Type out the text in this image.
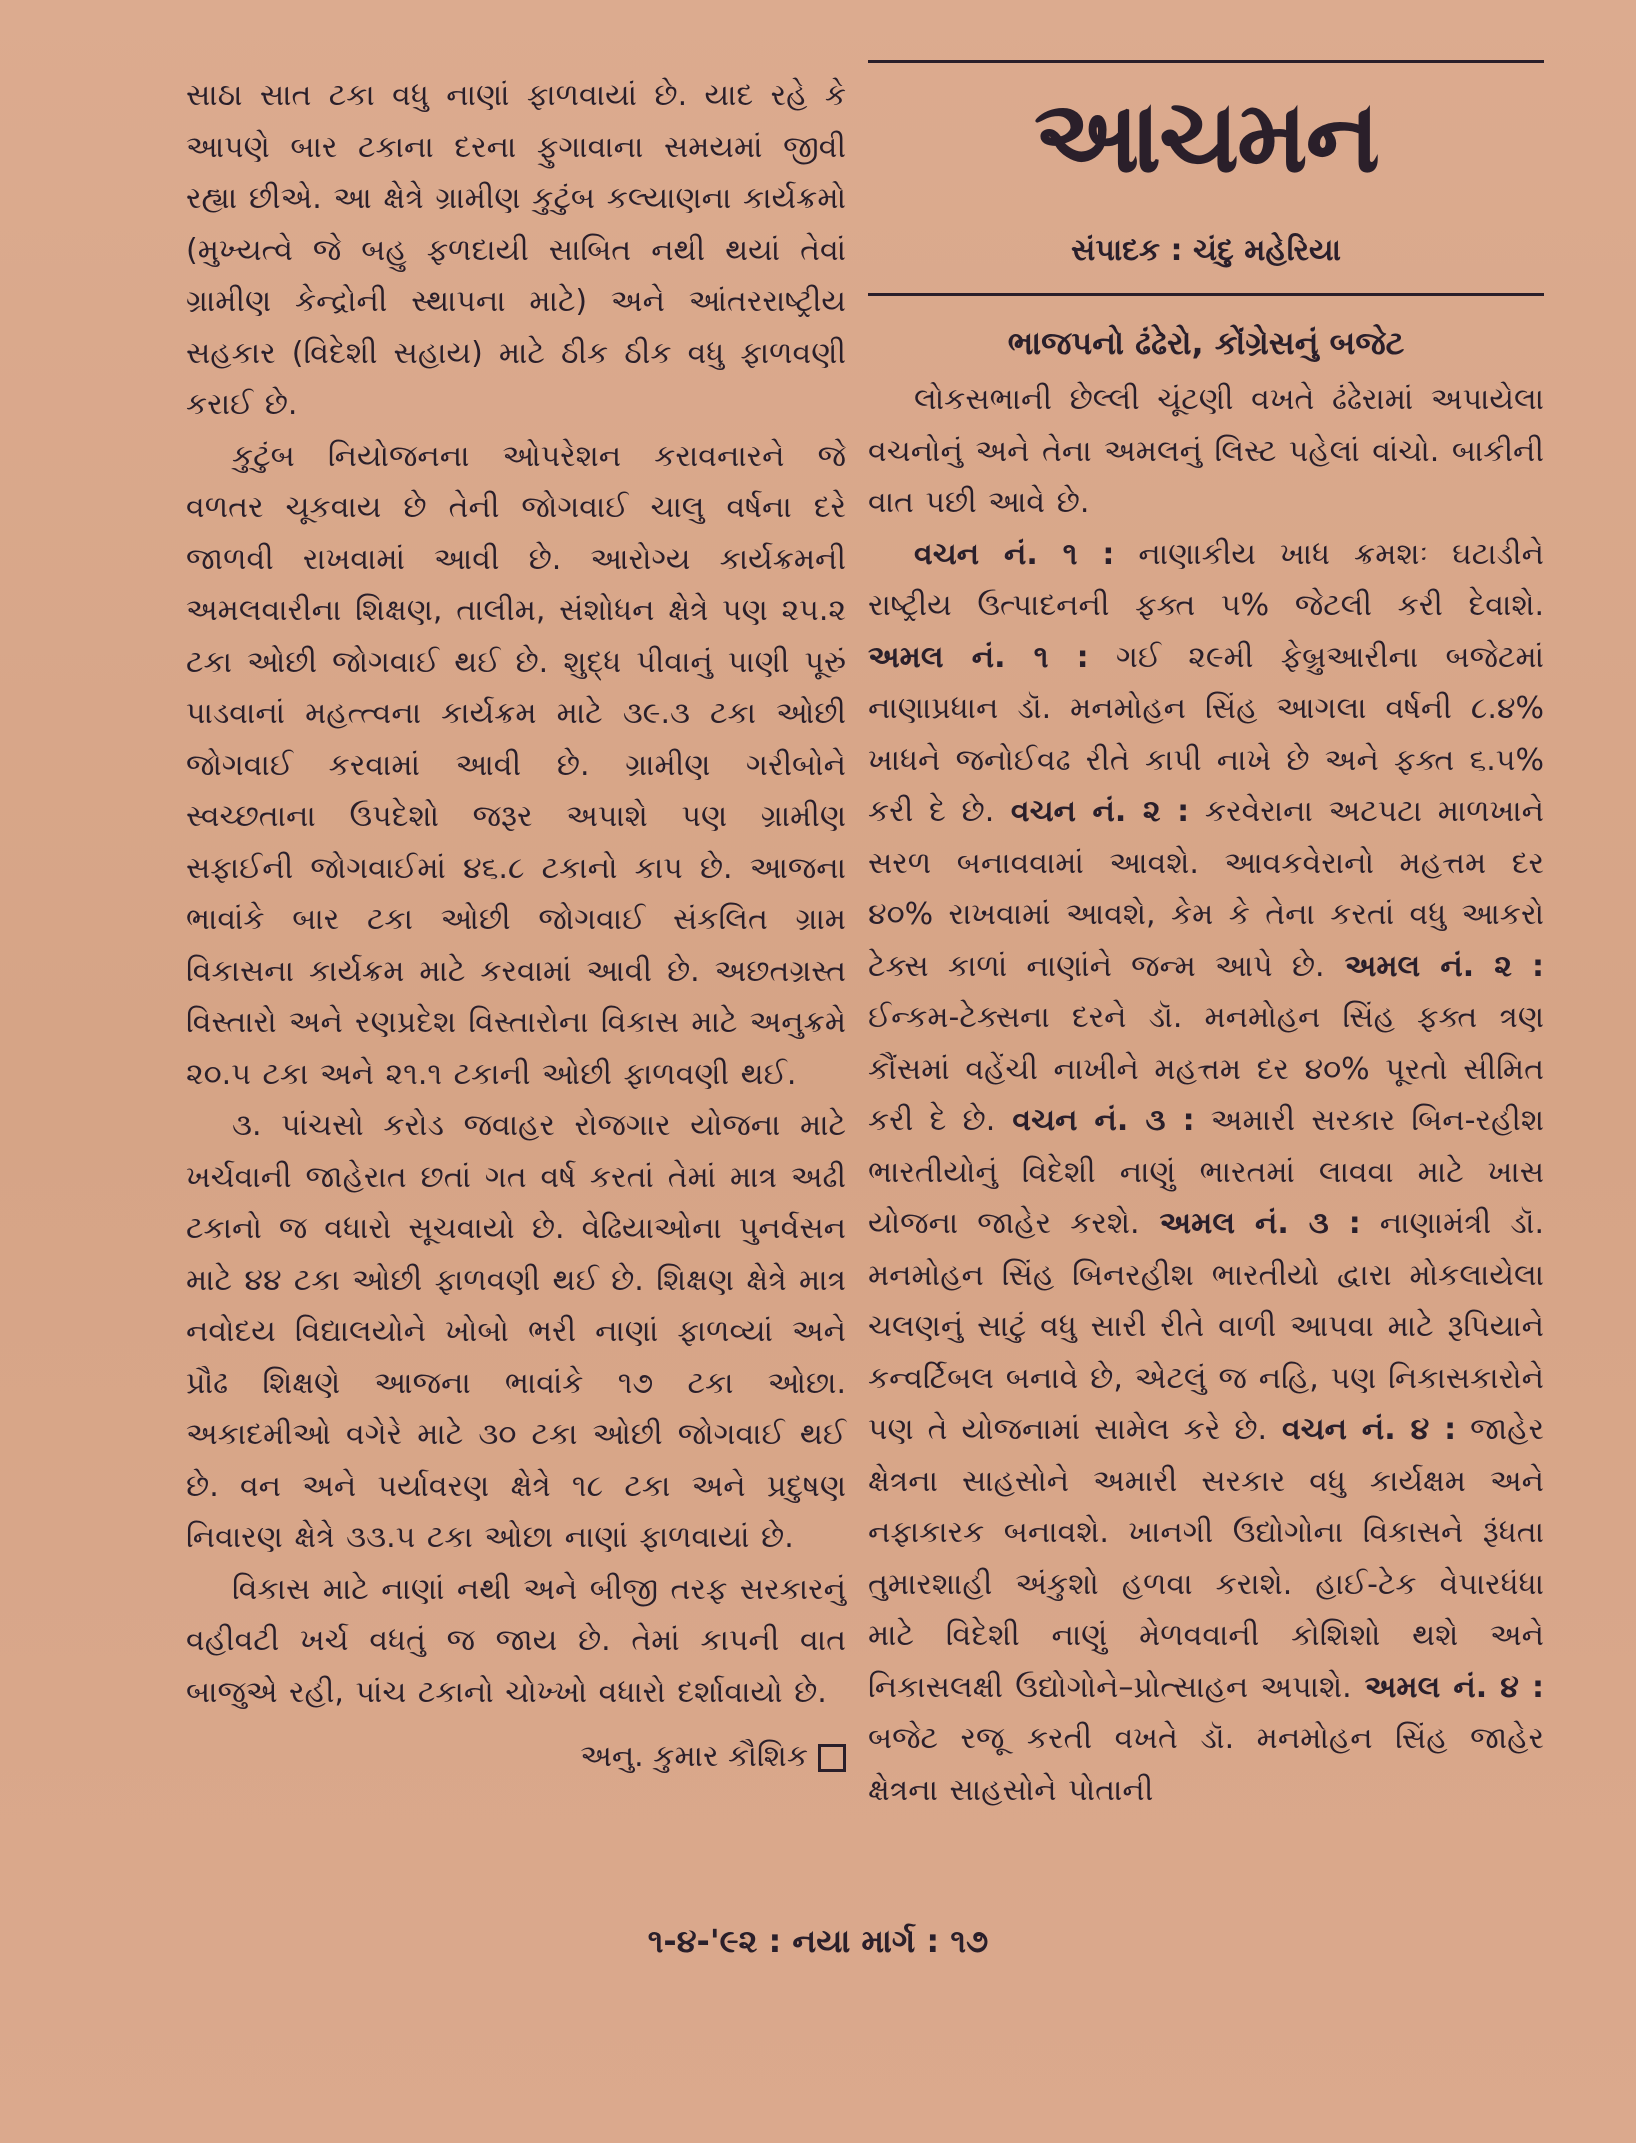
સાઠા સાત ટકા વધુ નાણાં ફાળવાયાં છે. યાદ રહે કે આપણે બાર ટકાના દરના ફુગાવાના સમયમાં જીવી રહ્યા છીએ. આ ક્ષેત્રે ગ્રામીણ કુટુંબ કલ્યાણના કાર્યક્રમો (મુખ્યત્વે જે બહુ ફળદાયી સાબિત નથી થયાં તેવાં ગ્રામીણ કેન્દ્રોની સ્થાપના માટે) અને આંતરરાષ્ટ્રીય સહકાર (વિદેશી સહાય) માટે ઠીક ઠીક વધુ ફાળવણી કરાઈ છે.

કુટુંબ નિયોજનના ઓપરેશન કરાવનારને જે વળતર ચૂકવાય છે તેની જોગવાઈ ચાલુ વર્ષના દરે જાળવી રાખવામાં આવી છે. આરોગ્ય કાર્યક્રમની અમલવારીના શિક્ષણ, તાલીમ, સંશોધન ક્ષેત્રે પણ ૨૫.૨ ટકા ઓછી જોગવાઈ થઈ છે. શુદ્ધ પીવાનું પાણી પૂરું પાડવાનાં મહત્ત્વના કાર્યક્રમ માટે ૩૯.૩ ટકા ઓછી જોગવાઈ કરવામાં આવી છે. ગ્રામીણ ગરીબોને સ્વચ્છતાના ઉપદેશો જરૂર અપાશે પણ ગ્રામીણ સફાઈની જોગવાઈમાં ૪૬.૮ ટકાનો કાપ છે. આજના ભાવાંકે બાર ટકા ઓછી જોગવાઈ સંકલિત ગ્રામ વિકાસના કાર્યક્રમ માટે કરવામાં આવી છે. અછતગ્રસ્ત વિસ્તારો અને રણપ્રદેશ વિસ્તારોના વિકાસ માટે અનુક્રમે ૨૦.૫ ટકા અને ૨૧.૧ ટકાની ઓછી ફાળવણી થઈ.

૩. પાંચસો કરોડ જવાહર રોજગાર યોજના માટે ખર્ચવાની જાહેરાત છતાં ગત વર્ષ કરતાં તેમાં માત્ર અઢી ટકાનો જ વધારો સૂચવાયો છે. વેઢિયાઓના પુનર્વસન માટે ૪૪ ટકા ઓછી ફાળવણી થઈ છે. શિક્ષણ ક્ષેત્રે માત્ર નવોદય વિદ્યાલયોને ખોબો ભરી નાણાં ફાળવ્યાં અને પ્રૌઢ શિક્ષણે આજના ભાવાંકે ૧૭ ટકા ઓછા. અકાદમીઓ વગેરે માટે ૩૦ ટકા ઓછી જોગવાઈ થઈ છે. વન અને પર્યાવરણ ક્ષેત્રે ૧૮ ટકા અને પ્રદુષણ નિવારણ ક્ષેત્રે ૩૩.૫ ટકા ઓછા નાણાં ફાળવાયાં છે.

વિકાસ માટે નાણાં નથી અને બીજી તરફ સરકારનું વહીવટી ખર્ચ વધતું જ જાય છે. તેમાં કાપની વાત બાજુએ રહી, પાંચ ટકાનો ચોખ્ખો વધારો દર્શાવાયો છે.

અનુ. કુમાર કૌશિક
આચમન
સંપાદક : ચંદુ મહેરિયા
ભાજપનો ઢંઢેરો, કોંગ્રેસનું બજેટ

લોકસભાની છેલ્લી ચૂંટણી વખતે ઢંઢેરામાં અપાયેલા વચનોનું અને તેના અમલનું લિસ્ટ પહેલાં વાંચો. બાકીની વાત પછી આવે છે.

વચન નં. ૧ : નાણાકીય ખાધ ક્રમશઃ ઘટાડીને રાષ્ટ્રીય ઉત્પાદનની ફક્ત ૫% જેટલી કરી દેવાશે. અમલ નં. ૧ : ગઈ ૨૯મી ફેબ્રુઆરીના બજેટમાં નાણાપ્રધાન ડૉ. મનમોહન સિંહ આગલા વર્ષની ૮.૪% ખાધને જનોઈવઢ રીતે કાપી નાખે છે અને ફક્ત ૬.૫% કરી દે છે. વચન નં. ૨ : કરવેરાના અટપટા માળખાને સરળ બનાવવામાં આવશે. આવકવેરાનો મહત્તમ દર ૪૦% રાખવામાં આવશે, કેમ કે તેના કરતાં વધુ આકરો ટેક્સ કાળાં નાણાંને જન્મ આપે છે. અમલ નં. ૨ : ઈન્કમ-ટેક્સના દરને ડૉ. મનમોહન સિંહ ફક્ત ત્રણ કૌંસમાં વહેંચી નાખીને મહત્તમ દર ૪૦% પૂરતો સીમિત કરી દે છે. વચન નં. ૩ : અમારી સરકાર બિન-રહીશ ભારતીયોનું વિદેશી નાણું ભારતમાં લાવવા માટે ખાસ યોજના જાહેર કરશે. અમલ નં. ૩ : નાણામંત્રી ડૉ. મનમોહન સિંહ બિનરહીશ ભારતીયો દ્વારા મોકલાયેલા ચલણનું સાટું વધુ સારી રીતે વાળી આપવા માટે રૂપિયાને કન્વર્ટિબલ બનાવે છે, એટલું જ નહિ, પણ નિકાસકારોને પણ તે યોજનામાં સામેલ કરે છે. વચન નં. ૪ : જાહેર ક્ષેત્રના સાહસોને અમારી સરકાર વધુ કાર્યક્ષમ અને નફાકારક બનાવશે. ખાનગી ઉદ્યોગોના વિકાસને રૂંધતા તુમારશાહી અંકુશો હળવા કરાશે. હાઈ-ટેક વેપારધંધા માટે વિદેશી નાણું મેળવવાની કોશિશો થશે અને નિકાસલક્ષી ઉદ્યોગોને–પ્રોત્સાહન અપાશે. અમલ નં. ૪ : બજેટ રજૂ કરતી વખતે ડૉ. મનમોહન સિંહ જાહેર ક્ષેત્રના સાહસોને પોતાની

૧-૪-'૯૨ : નયા માર્ગ : ૧૭
